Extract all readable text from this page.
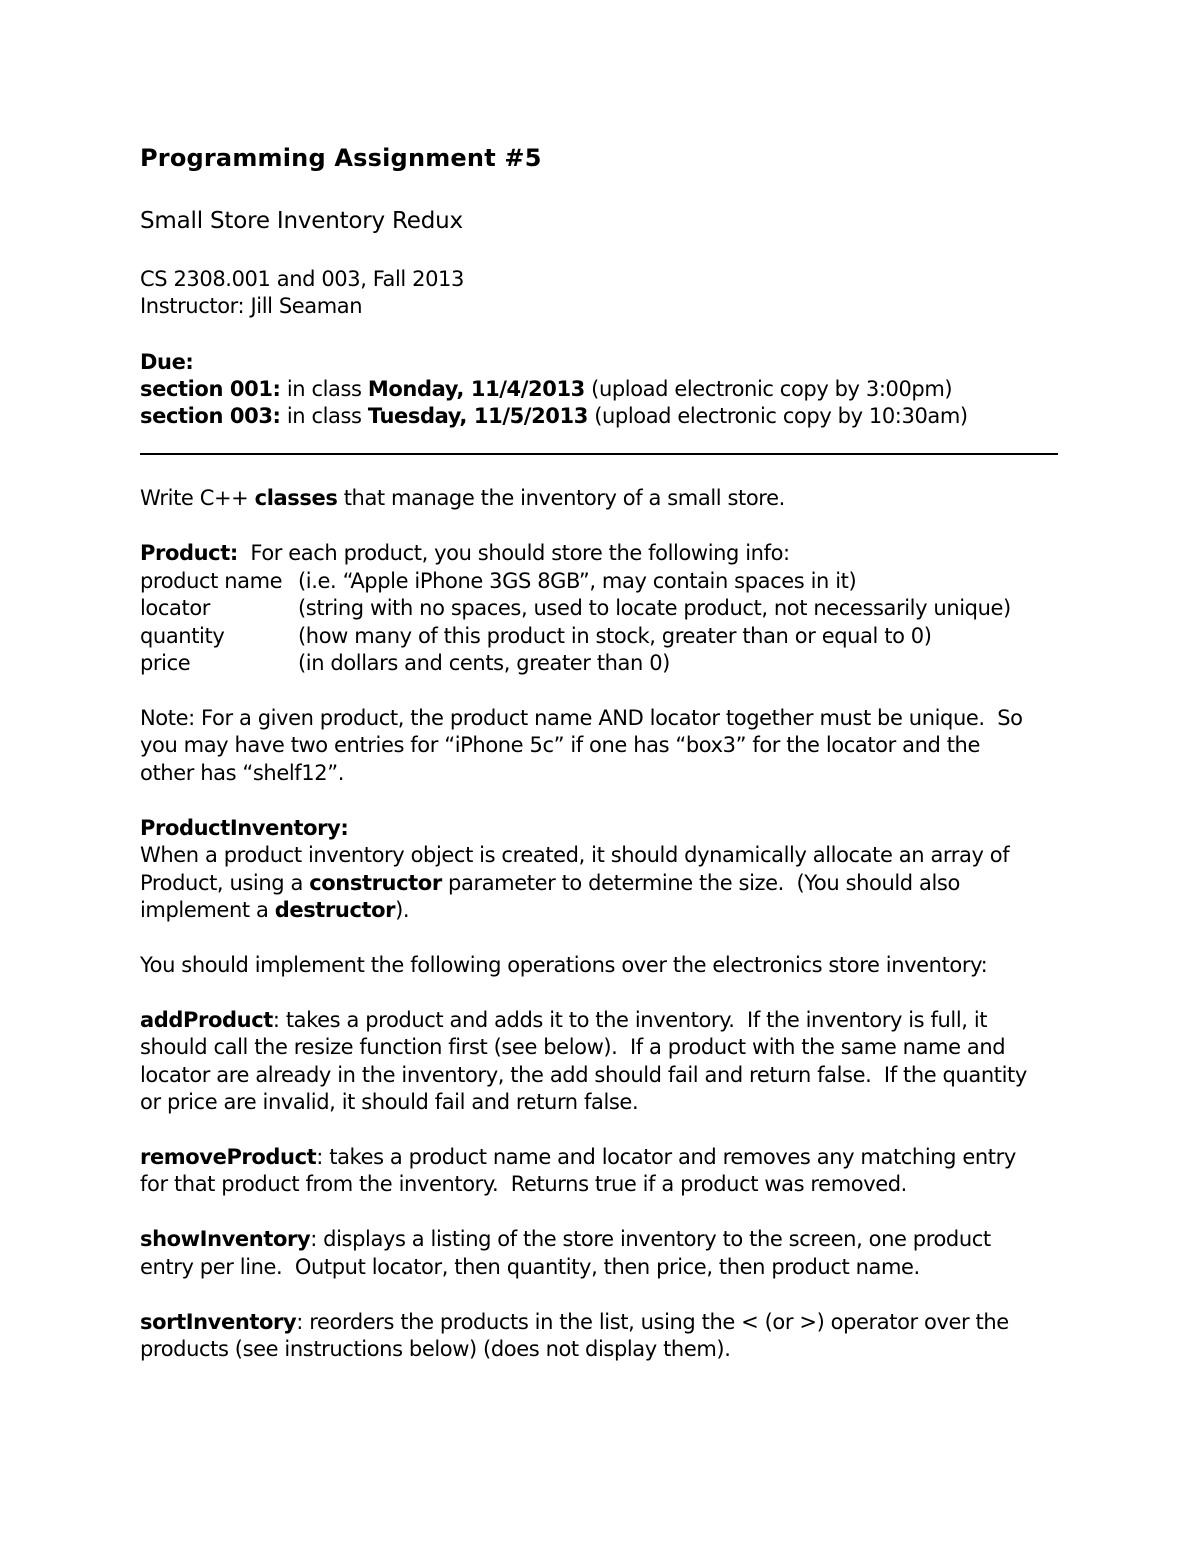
Programming Assignment #5

Small Store Inventory Redux

CS 2308.001 and 003, Fall 2013

Instructor: Jill Seaman

Due:

section 001: in class Monday, 11/4/2013 (upload electronic copy by 3:00pm)

section 003: in class Tuesday, 11/5/2013 (upload electronic copy by 10:30am)

Write C++ classes that manage the inventory of a small store.

Product:  For each product, you should store the following info:

product name (i.e. “Apple iPhone 3GS 8GB”, may contain spaces in it)

locator	(string with no spaces, used to locate product, not necessarily unique)

quantity	(how many of this product in stock, greater than or equal to 0)

price	(in dollars and cents, greater than 0)

Note: For a given product, the product name AND locator together must be unique.  So

you may have two entries for “iPhone 5c” if one has “box3” for the locator and the

other has “shelf12”.

ProductInventory:

When a product inventory object is created, it should dynamically allocate an array of

Product, using a constructor parameter to determine the size.  (You should also

implement a destructor).

You should implement the following operations over the electronics store inventory:

addProduct: takes a product and adds it to the inventory.  If the inventory is full, it

should call the resize function first (see below).  If a product with the same name and

locator are already in the inventory, the add should fail and return false.  If the quantity

or price are invalid, it should fail and return false.

removeProduct: takes a product name and locator and removes any matching entry

for that product from the inventory.  Returns true if a product was removed.

showInventory: displays a listing of the store inventory to the screen, one product

entry per line.  Output locator, then quantity, then price, then product name.

sortInventory: reorders the products in the list, using the < (or >) operator over the

products (see instructions below) (does not display them).
